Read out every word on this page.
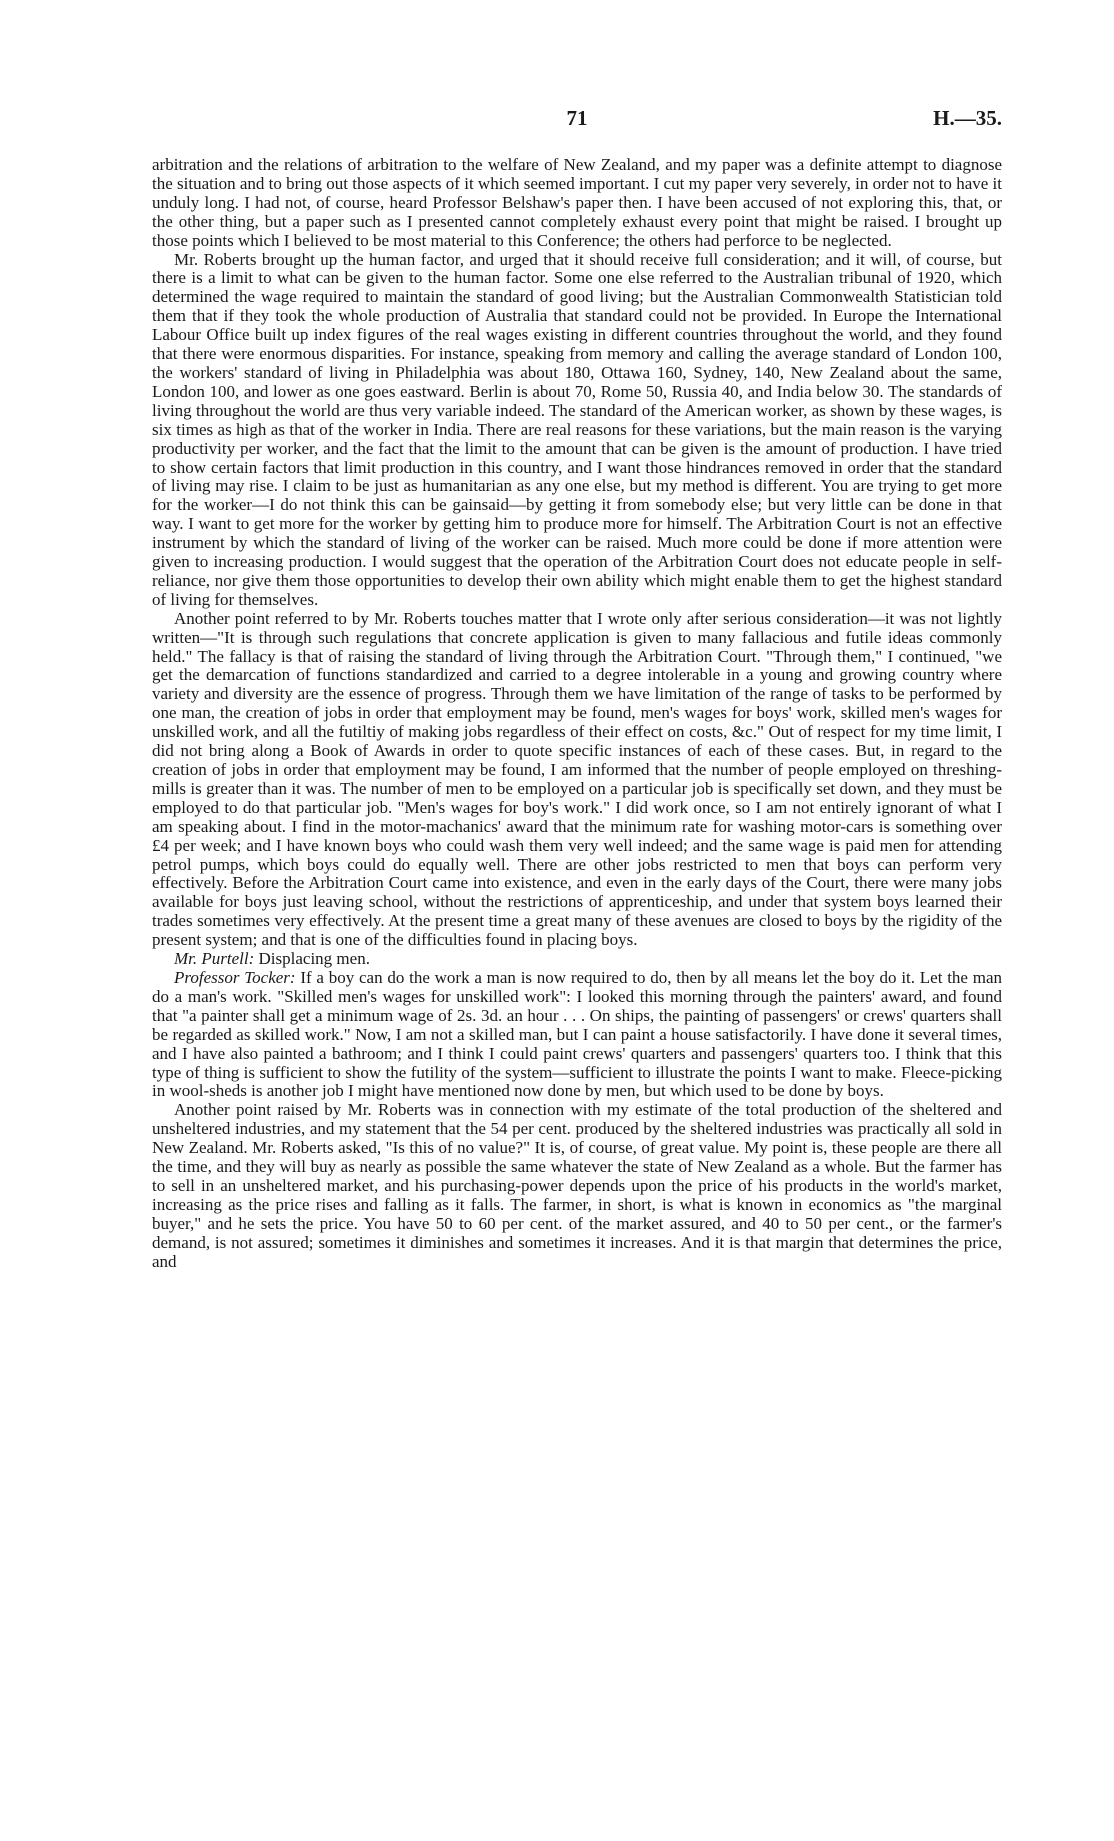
71	H.—35.

arbitration and the relations of arbitration to the welfare of New Zealand, and my paper was a definite attempt to diagnose the situation and to bring out those aspects of it which seemed important. I cut my paper very severely, in order not to have it unduly long. I had not, of course, heard Professor Belshaw's paper then. I have been accused of not exploring this, that, or the other thing, but a paper such as I presented cannot completely exhaust every point that might be raised. I brought up those points which I believed to be most material to this Conference; the others had perforce to be neglected.

Mr. Roberts brought up the human factor, and urged that it should receive full consideration; and it will, of course, but there is a limit to what can be given to the human factor. Some one else referred to the Australian tribunal of 1920, which determined the wage required to maintain the standard of good living; but the Australian Commonwealth Statistician told them that if they took the whole production of Australia that standard could not be provided. In Europe the International Labour Office built up index figures of the real wages existing in different countries throughout the world, and they found that there were enormous disparities. For instance, speaking from memory and calling the average standard of London 100, the workers' standard of living in Philadelphia was about 180, Ottawa 160, Sydney, 140, New Zealand about the same, London 100, and lower as one goes eastward. Berlin is about 70, Rome 50, Russia 40, and India below 30. The standards of living throughout the world are thus very variable indeed. The standard of the American worker, as shown by these wages, is six times as high as that of the worker in India. There are real reasons for these variations, but the main reason is the varying productivity per worker, and the fact that the limit to the amount that can be given is the amount of production. I have tried to show certain factors that limit production in this country, and I want those hindrances removed in order that the standard of living may rise. I claim to be just as humanitarian as any one else, but my method is different. You are trying to get more for the worker—I do not think this can be gainsaid—by getting it from somebody else; but very little can be done in that way. I want to get more for the worker by getting him to produce more for himself. The Arbitration Court is not an effective instrument by which the standard of living of the worker can be raised. Much more could be done if more attention were given to increasing production. I would suggest that the operation of the Arbitration Court does not educate people in self-reliance, nor give them those opportunities to develop their own ability which might enable them to get the highest standard of living for themselves.

Another point referred to by Mr. Roberts touches matter that I wrote only after serious consideration—it was not lightly written—"It is through such regulations that concrete application is given to many fallacious and futile ideas commonly held." The fallacy is that of raising the standard of living through the Arbitration Court. "Through them," I continued, "we get the demarcation of functions standardized and carried to a degree intolerable in a young and growing country where variety and diversity are the essence of progress. Through them we have limitation of the range of tasks to be performed by one man, the creation of jobs in order that employment may be found, men's wages for boys' work, skilled men's wages for unskilled work, and all the futiltiy of making jobs regardless of their effect on costs, &c." Out of respect for my time limit, I did not bring along a Book of Awards in order to quote specific instances of each of these cases. But, in regard to the creation of jobs in order that employment may be found, I am informed that the number of people employed on threshing-mills is greater than it was. The number of men to be employed on a particular job is specifically set down, and they must be employed to do that particular job. "Men's wages for boy's work." I did work once, so I am not entirely ignorant of what I am speaking about. I find in the motor-machanics' award that the minimum rate for washing motor-cars is something over £4 per week; and I have known boys who could wash them very well indeed; and the same wage is paid men for attending petrol pumps, which boys could do equally well. There are other jobs restricted to men that boys can perform very effectively. Before the Arbitration Court came into existence, and even in the early days of the Court, there were many jobs available for boys just leaving school, without the restrictions of apprenticeship, and under that system boys learned their trades sometimes very effectively. At the present time a great many of these avenues are closed to boys by the rigidity of the present system; and that is one of the difficulties found in placing boys.

Mr. Purtell: Displacing men.

Professor Tocker: If a boy can do the work a man is now required to do, then by all means let the boy do it. Let the man do a man's work. "Skilled men's wages for unskilled work": I looked this morning through the painters' award, and found that "a painter shall get a minimum wage of 2s. 3d. an hour . . . On ships, the painting of passengers' or crews' quarters shall be regarded as skilled work." Now, I am not a skilled man, but I can paint a house satisfactorily. I have done it several times, and I have also painted a bathroom; and I think I could paint crews' quarters and passengers' quarters too. I think that this type of thing is sufficient to show the futility of the system—sufficient to illustrate the points I want to make. Fleece-picking in wool-sheds is another job I might have mentioned now done by men, but which used to be done by boys.

Another point raised by Mr. Roberts was in connection with my estimate of the total production of the sheltered and unsheltered industries, and my statement that the 54 per cent. produced by the sheltered industries was practically all sold in New Zealand. Mr. Roberts asked, "Is this of no value?" It is, of course, of great value. My point is, these people are there all the time, and they will buy as nearly as possible the same whatever the state of New Zealand as a whole. But the farmer has to sell in an unsheltered market, and his purchasing-power depends upon the price of his products in the world's market, increasing as the price rises and falling as it falls. The farmer, in short, is what is known in economics as "the marginal buyer," and he sets the price. You have 50 to 60 per cent. of the market assured, and 40 to 50 per cent., or the farmer's demand, is not assured; sometimes it diminishes and sometimes it increases. And it is that margin that determines the price, and
